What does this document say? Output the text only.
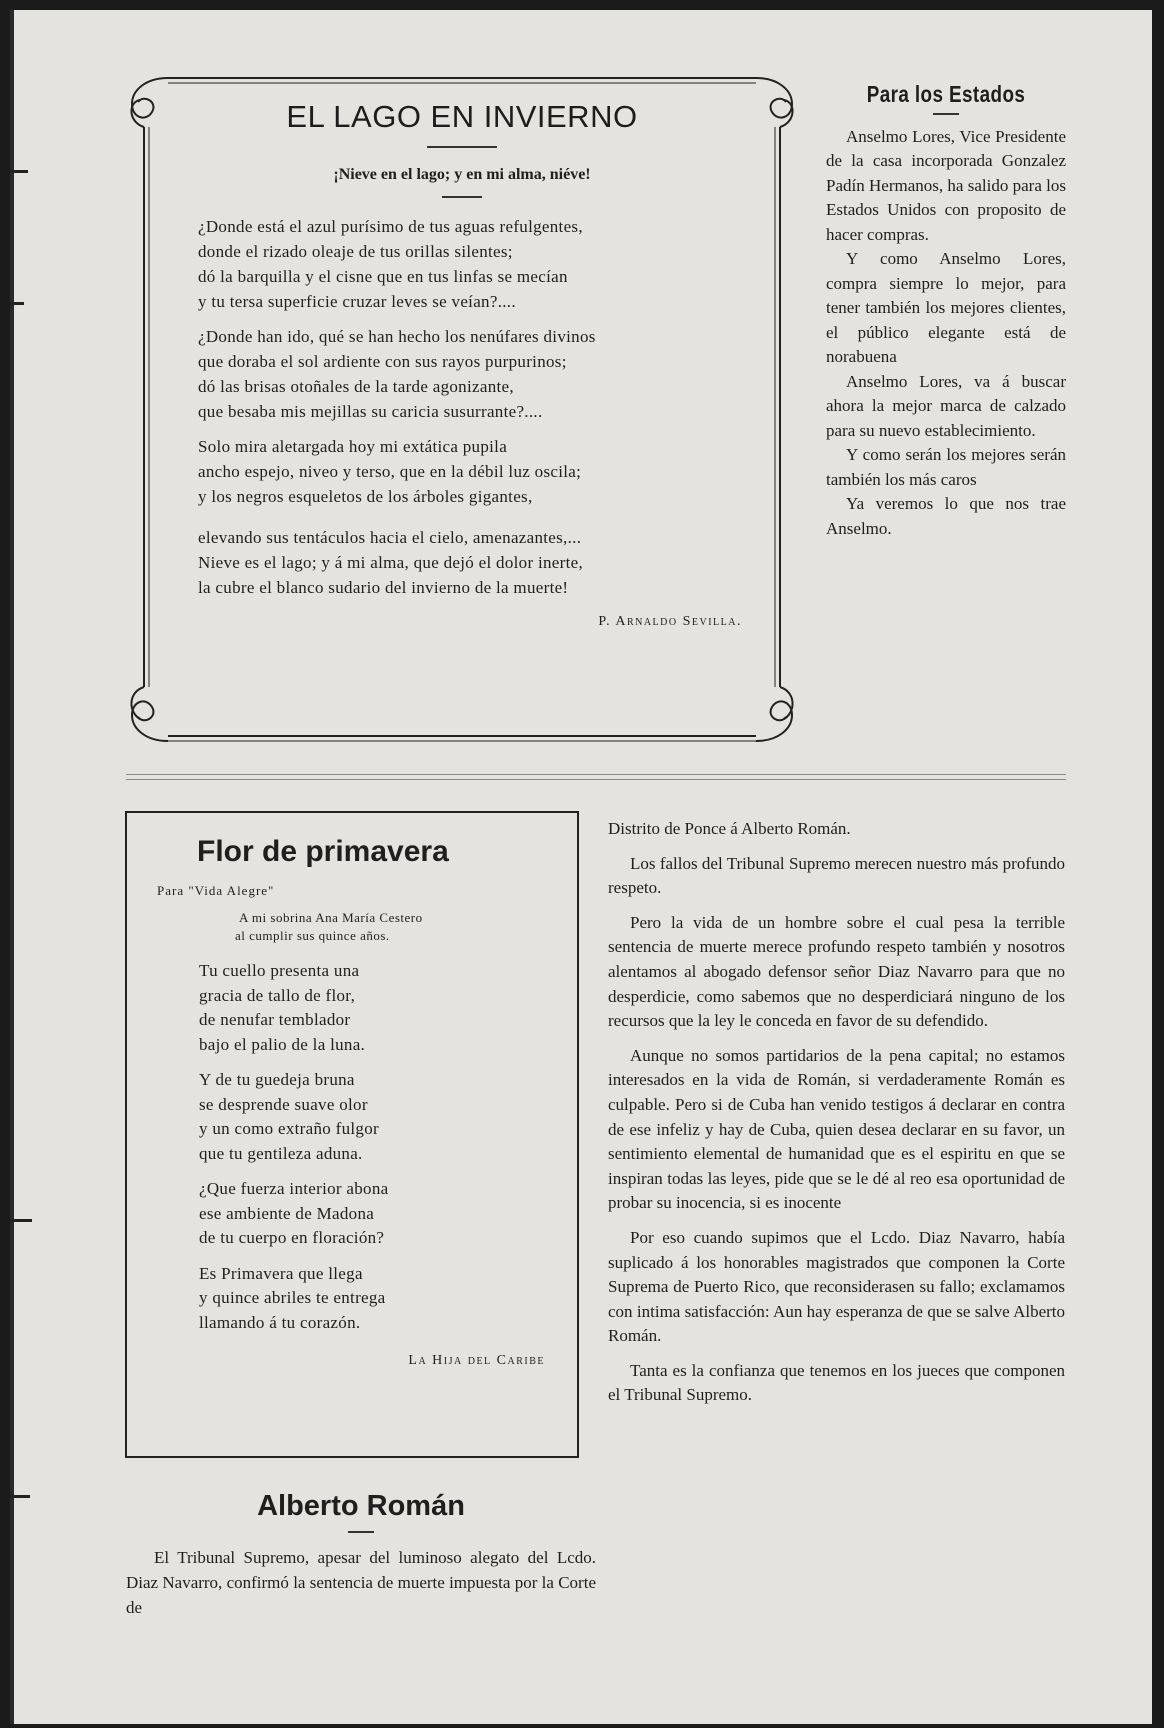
EL LAGO EN INVIERNO

¡Nieve en el lago; y en mi alma, niéve!

¿Donde está el azul purísimo de tus aguas refulgentes,
donde el rizado oleaje de tus orillas silentes;
dó la barquilla y el cisne que en tus linfas se mecían
y tu tersa superficie cruzar leves se veían?....
¿Donde han ido, qué se han hecho los nenúfares divinos
que doraba el sol ardiente con sus rayos purpurinos;
dó las brisas otoñales de la tarde agonizante,
que besaba mis mejillas su caricia susurrante?....
Solo mira aletargada hoy mi extática pupila
ancho espejo, niveo y terso, que en la débil luz oscila;
y los negros esqueletos de los árboles gigantes,
elevando sus tentáculos hacia el cielo, amenazantes,...
Nieve es el lago; y á mi alma, que dejó el dolor inerte,
la cubre el blanco sudario del invierno de la muerte!
P. Arnaldo Sevilla.
Para los Estados

Anselmo Lores, Vice Presidente de la casa incorporada Gonzalez Padín Hermanos, ha salido para los Estados Unidos con proposito de hacer compras.

Y como Anselmo Lores, compra siempre lo mejor, para tener también los mejores clientes, el público elegante está de norabuena

Anselmo Lores, va á buscar ahora la mejor marca de calzado para su nuevo establecimiento.

Y como serán los mejores serán también los más caros

Ya veremos lo que nos trae Anselmo.

Flor de primavera
Para "Vida Alegre"
A mi sobrina Ana María Cestero
al cumplir sus quince años.
Tu cuello presenta una
gracia de tallo de flor,
de nenufar temblador
bajo el palio de la luna.
Y de tu guedeja bruna
se desprende suave olor
y un como extraño fulgor
que tu gentileza aduna.
¿Que fuerza interior abona
ese ambiente de Madona
de tu cuerpo en floración?
Es Primavera que llega
y quince abriles te entrega
llamando á tu corazón.
La Hija del Caribe
Alberto Román

El Tribunal Supremo, apesar del luminoso alegato del Lcdo. Diaz Navarro, confirmó la sentencia de muerte impuesta por la Corte de

Distrito de Ponce á Alberto Román.

Los fallos del Tribunal Supremo merecen nuestro más profundo respeto.

Pero la vida de un hombre sobre el cual pesa la terrible sentencia de muerte merece profundo respeto también y nosotros alentamos al abogado defensor señor Diaz Navarro para que no desperdicie, como sabemos que no desperdiciará ninguno de los recursos que la ley le conceda en favor de su defendido.

Aunque no somos partidarios de la pena capital; no estamos interesados en la vida de Román, si verdaderamente Román es culpable. Pero si de Cuba han venido testigos á declarar en contra de ese infeliz y hay de Cuba, quien desea declarar en su favor, un sentimiento elemental de humanidad que es el espiritu en que se inspiran todas las leyes, pide que se le dé al reo esa oportunidad de probar su inocencia, si es inocente

Por eso cuando supimos que el Lcdo. Diaz Navarro, había suplicado á los honorables magistrados que componen la Corte Suprema de Puerto Rico, que reconsiderasen su fallo; exclamamos con intima satisfacción: Aun hay esperanza de que se salve Alberto Román.

Tanta es la confianza que tenemos en los jueces que componen el Tribunal Supremo.
